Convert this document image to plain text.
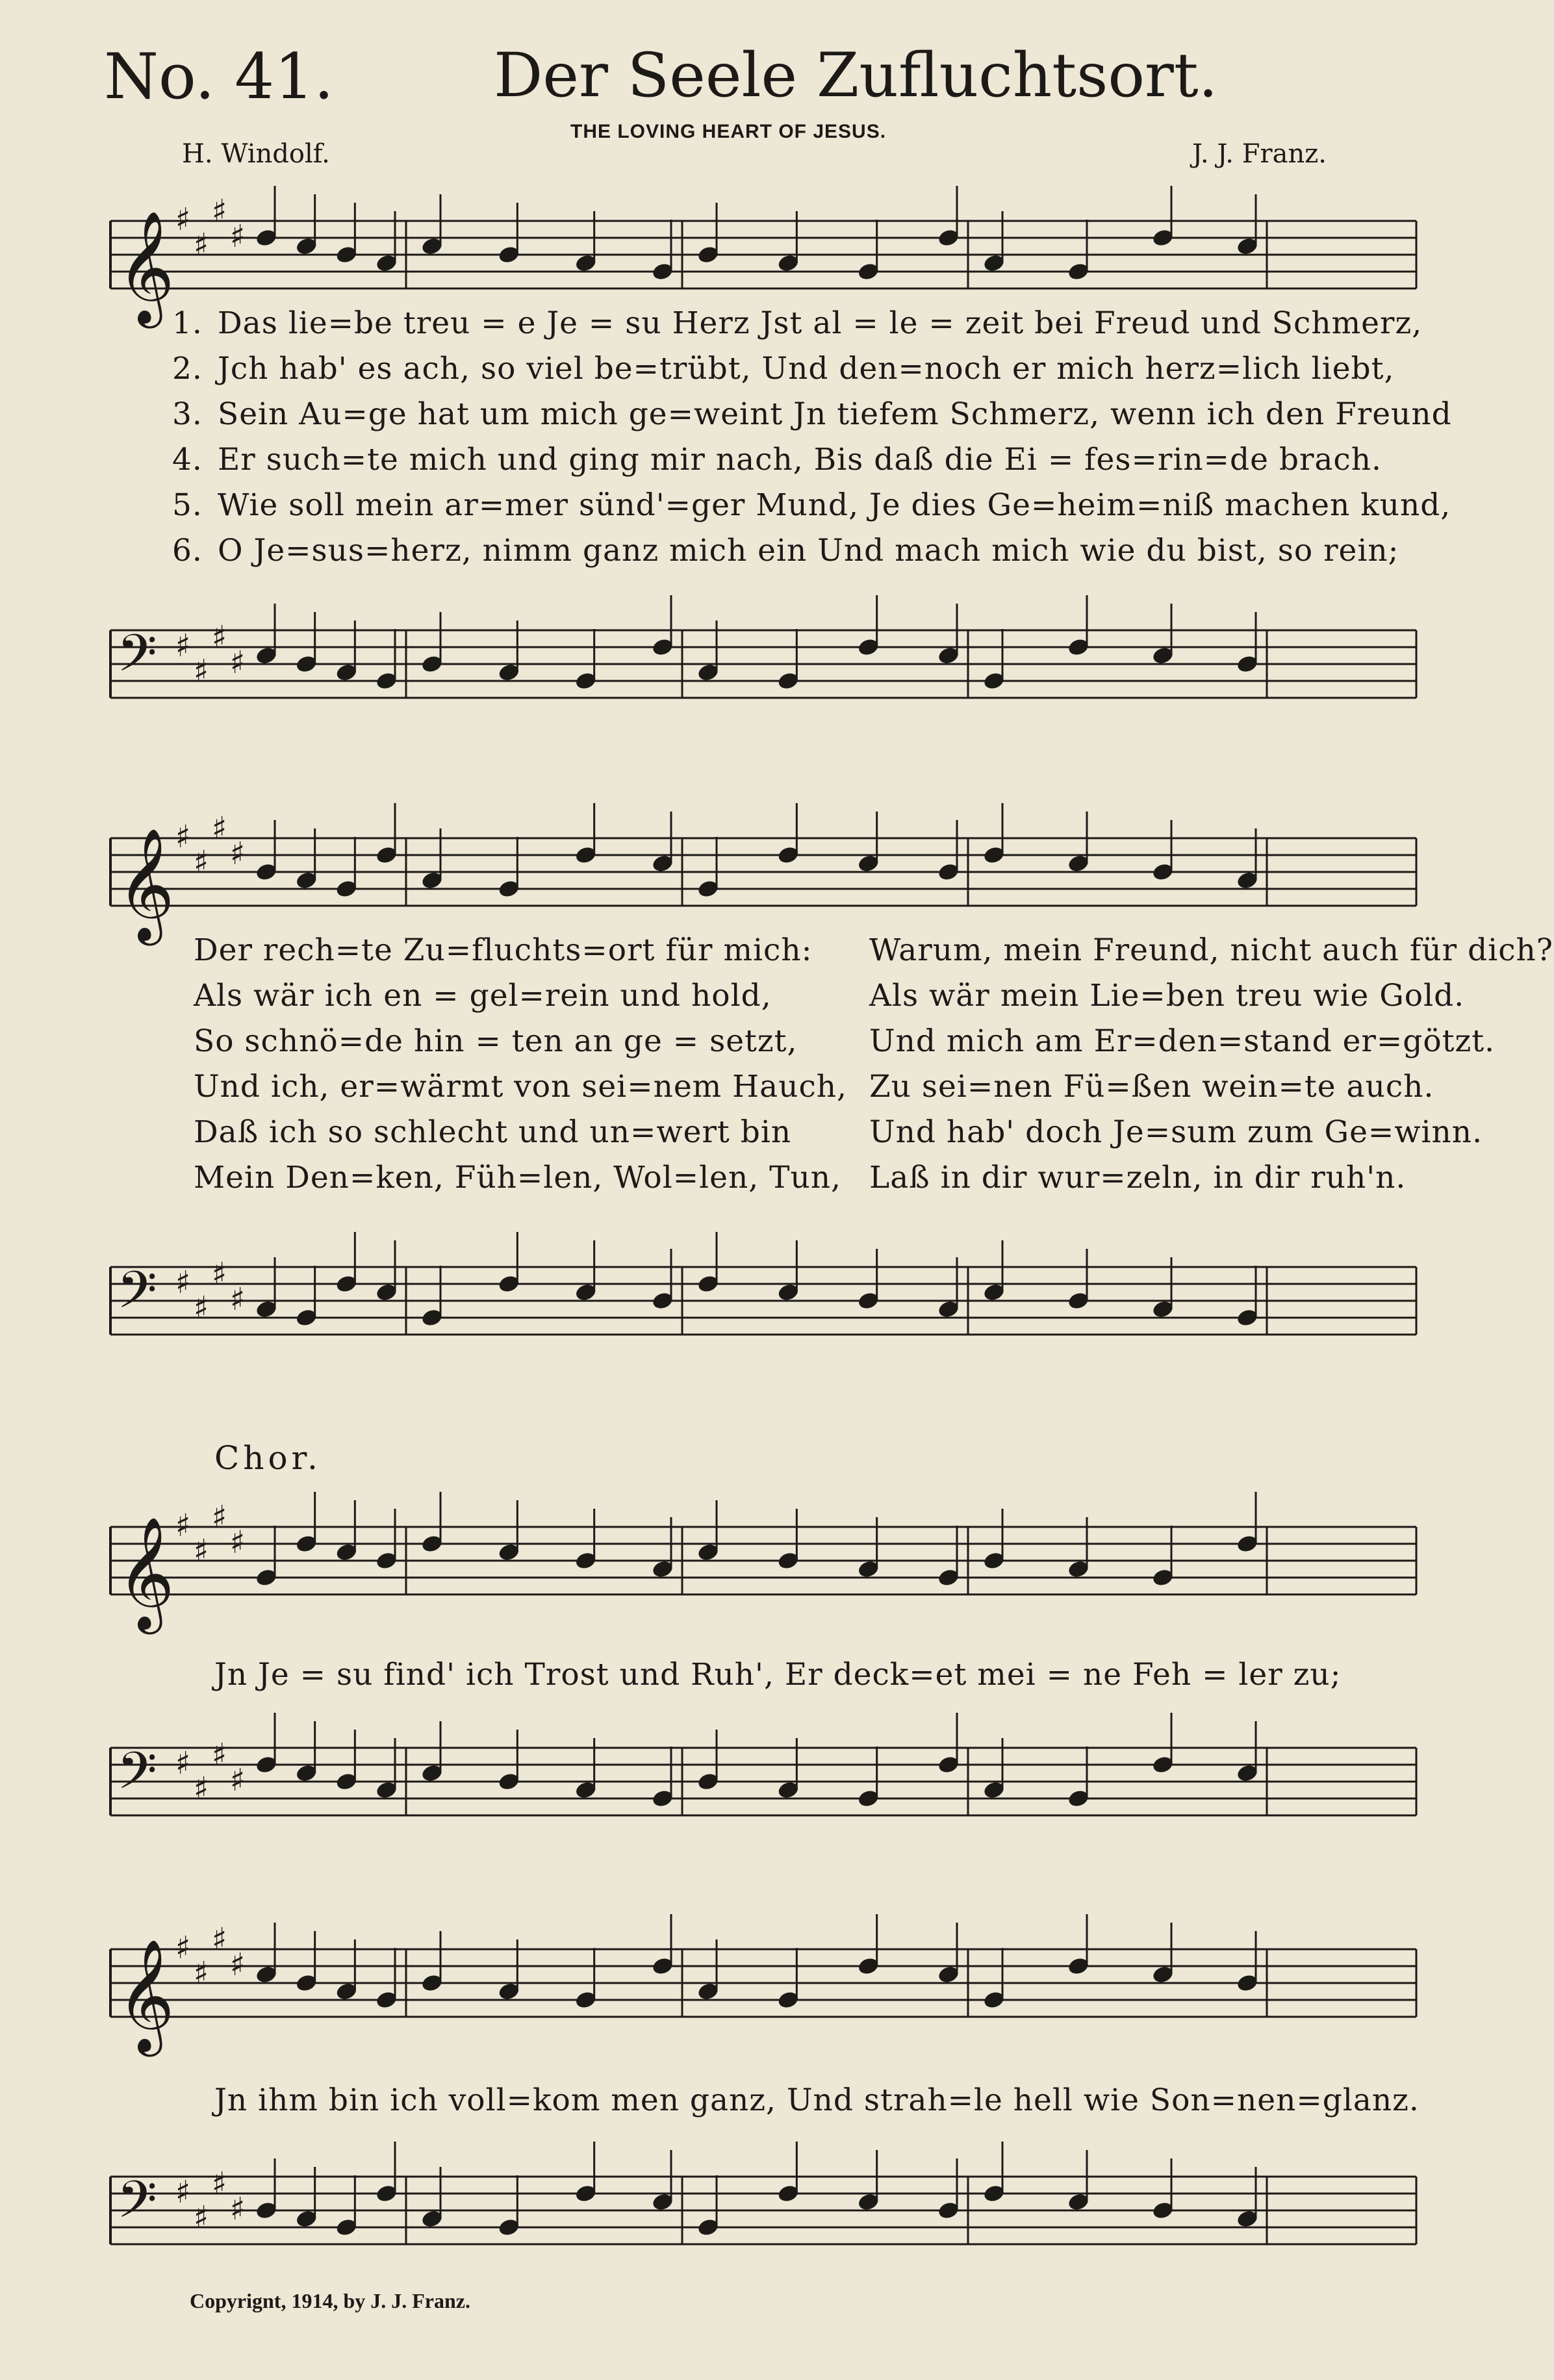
No. 41.	Der Seele Zufluchtsort.
THE LOVING HEART OF JESUS.
H. Windolf.	J. J. Franz.
𝄞 ♯
♯
♯
♯
1. Das lie=be treu = e Je = su Herz Jst al = le = zeit bei Freud und Schmerz,
2. Jch hab' es ach, so viel be=trübt, Und den=noch er mich herz=lich liebt,
3. Sein Au=ge hat um mich ge=weint Jn tiefem Schmerz, wenn ich den Freund
4. Er such=te mich und ging mir nach, Bis daß die Ei = fes=rin=de brach.
5. Wie soll mein ar=mer sünd'=ger Mund, Je dies Ge=heim=niß machen kund,
6. O Je=sus=herz, nimm ganz mich ein Und mach mich wie du bist, so rein;
𝄢 ♯
♯
♯
♯
𝄞 ♯
♯
♯
♯
Der rech=te Zu=fluchts=ort für mich: Warum, mein Freund, nicht auch für dich?
Als wär ich en = gel=rein und hold,	Als wär mein Lie=ben treu wie Gold.
So schnö=de hin = ten an ge = setzt, Und mich am Er=den=stand er=götzt.
Und ich, er=wärmt von sei=nem Hauch, Zu sei=nen Fü=ßen wein=te auch.
Daß ich so schlecht und un=wert bin	Und hab' doch Je=sum zum Ge=winn.
Mein Den=ken, Füh=len, Wol=len, Tun, Laß in dir wur=zeln, in dir ruh'n.
𝄢 ♯
♯
♯
♯
Chor.
𝄞 ♯
♯
♯
♯
Jn Je = su find' ich Trost und Ruh', Er deck=et mei = ne Feh = ler zu;
𝄢 ♯
♯
♯
♯
𝄞 ♯
♯
♯
♯
Jn ihm bin ich voll=kom men ganz, Und strah=le hell wie Son=nen=glanz.
𝄢 ♯
♯
♯
♯
Copyrignt, 1914, by J. J. Franz.
